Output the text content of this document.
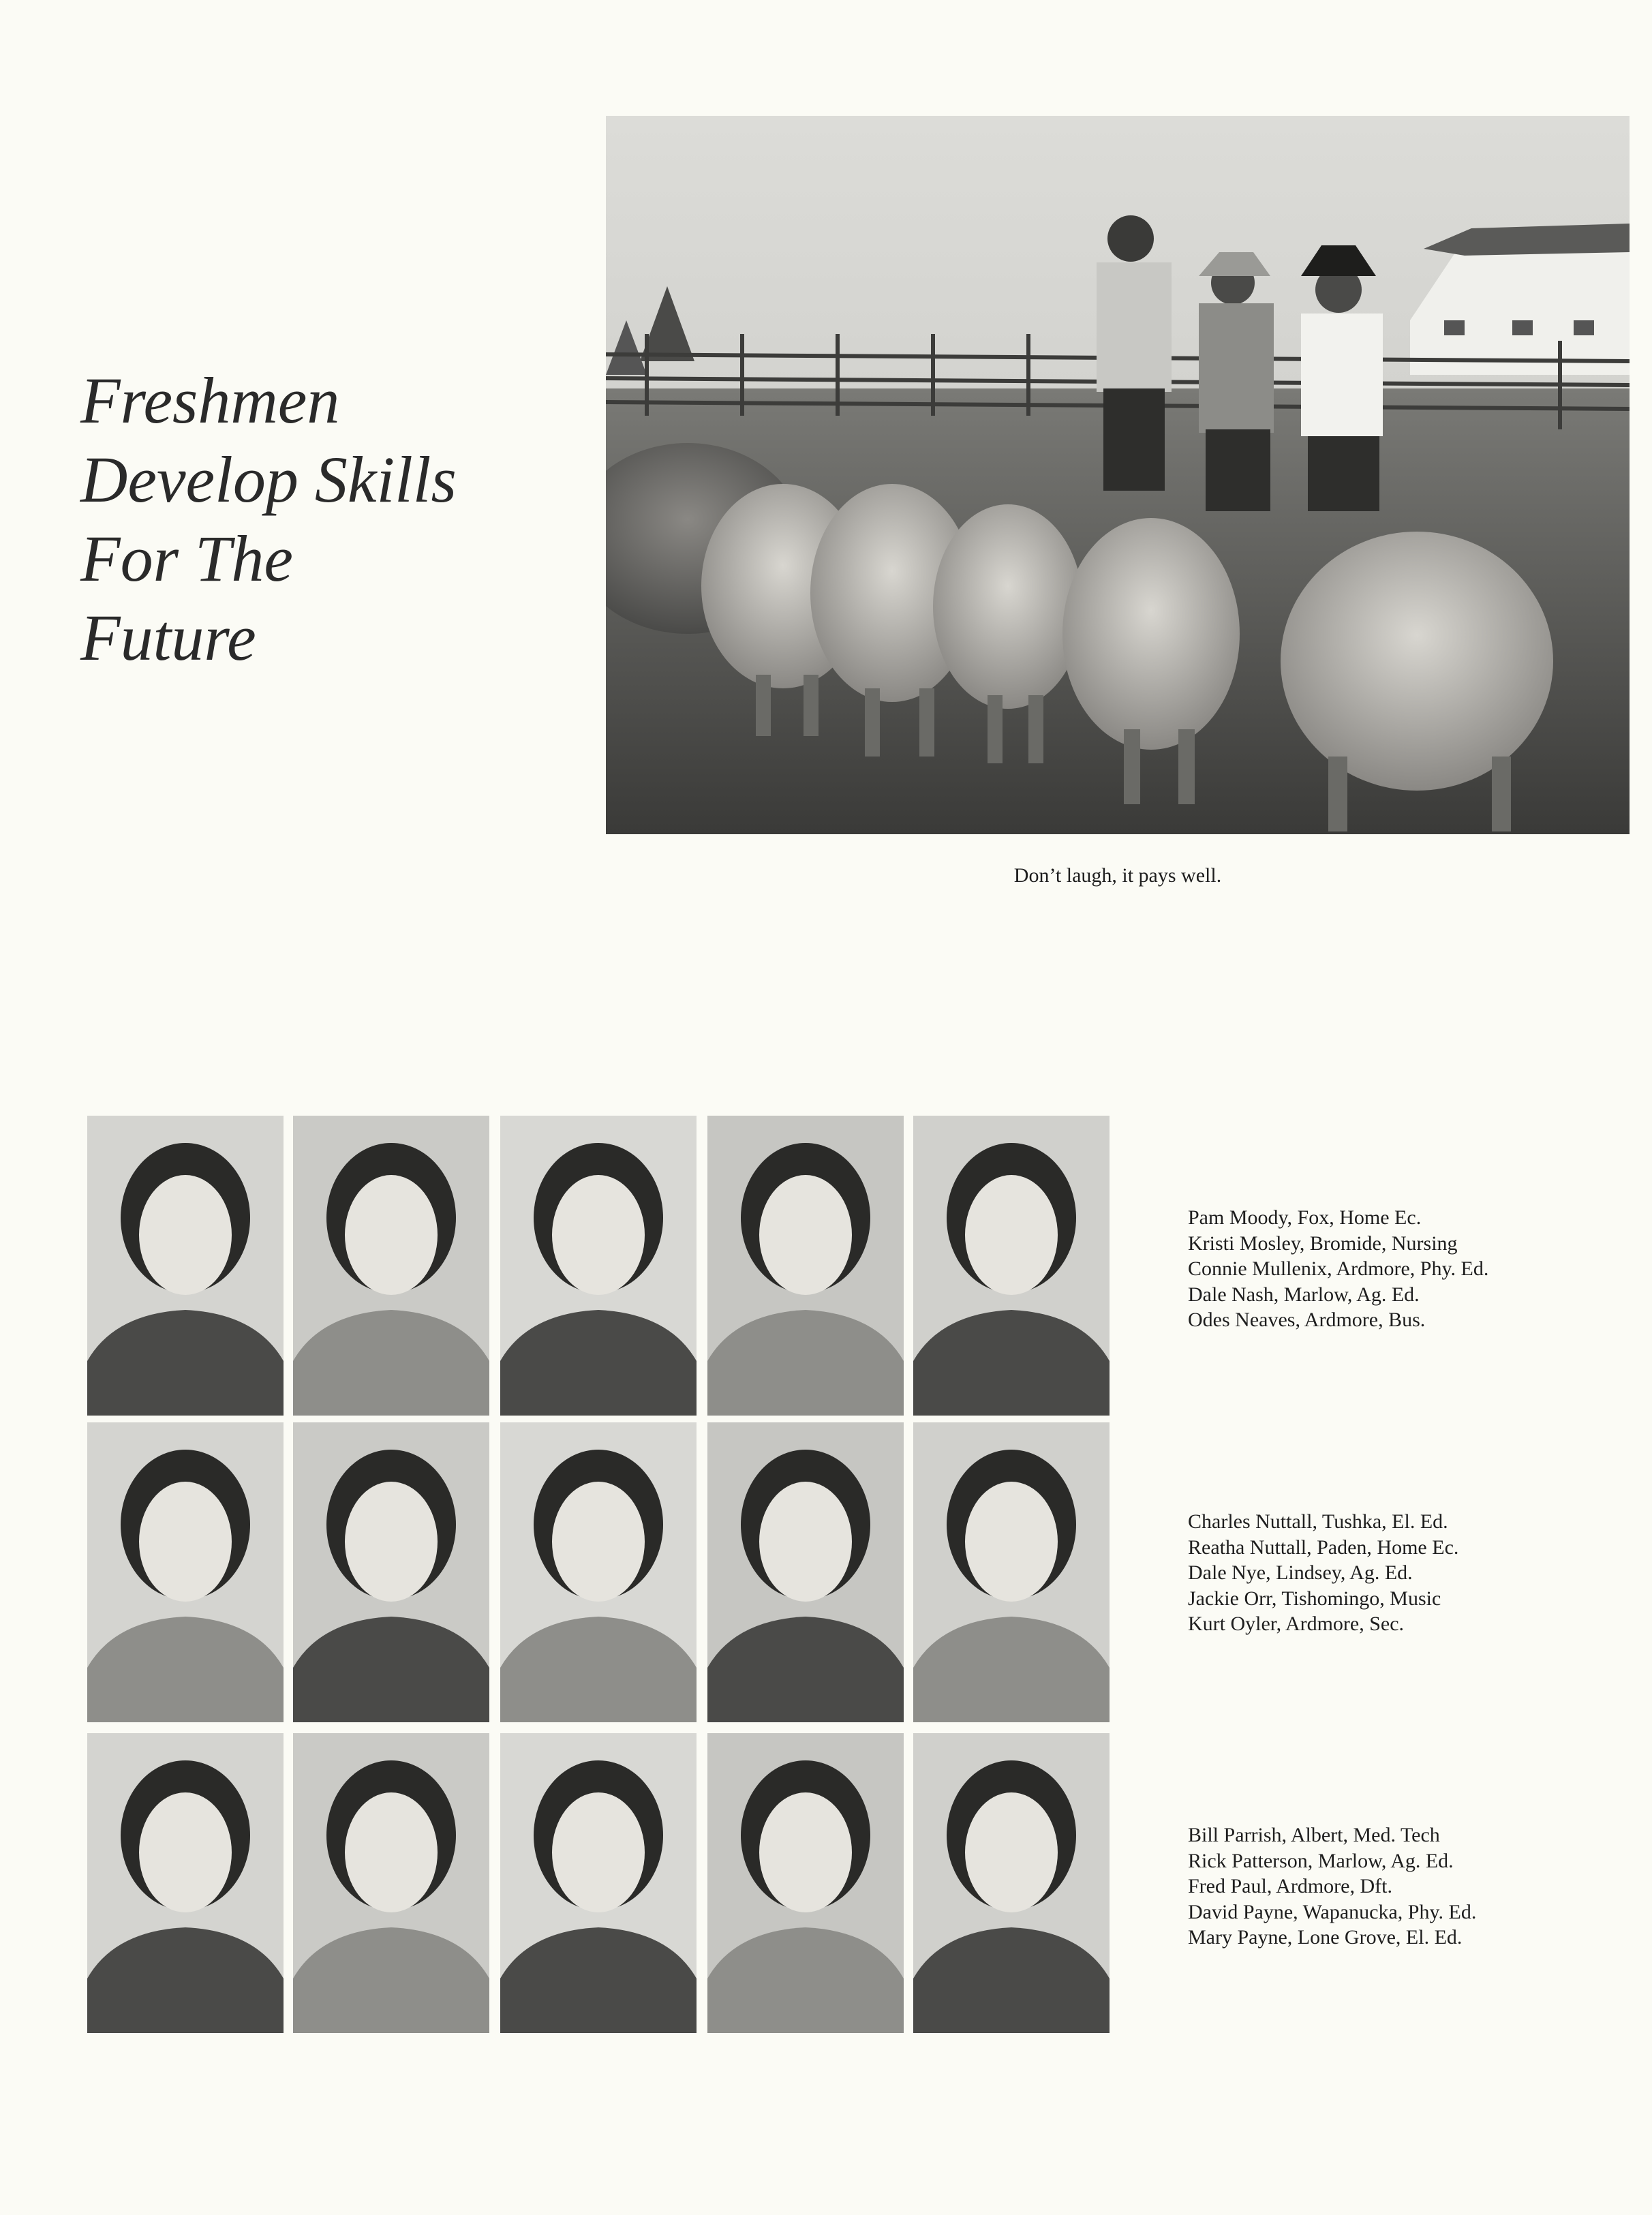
Freshmen
Develop Skills
For The
Future
Don’t laugh, it pays well.
Pam Moody, Fox, Home Ec.
Kristi Mosley, Bromide, Nursing
Connie Mullenix, Ardmore, Phy. Ed.
Dale Nash, Marlow, Ag. Ed.
Odes Neaves, Ardmore, Bus.
Charles Nuttall, Tushka, El. Ed.
Reatha Nuttall, Paden, Home Ec.
Dale Nye, Lindsey, Ag. Ed.
Jackie Orr, Tishomingo, Music
Kurt Oyler, Ardmore, Sec.
Bill Parrish, Albert, Med. Tech
Rick Patterson, Marlow, Ag. Ed.
Fred Paul, Ardmore, Dft.
David Payne, Wapanucka, Phy. Ed.
Mary Payne, Lone Grove, El. Ed.
